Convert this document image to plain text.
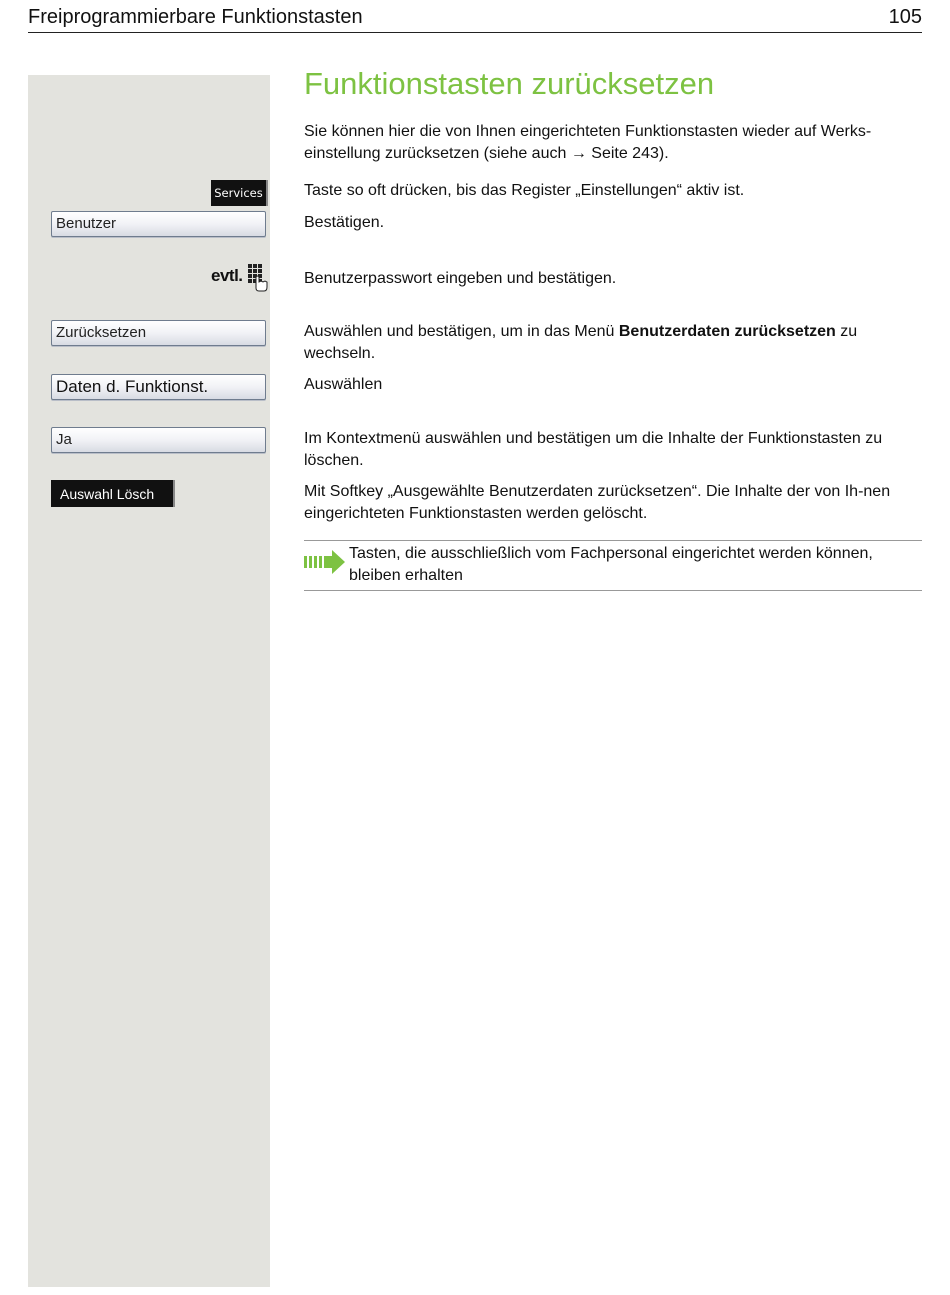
Freiprogrammierbare Funktionstasten	105
Services
Benutzer
evtl.
Zurücksetzen
Daten d. Funktionst.
Ja
Auswahl Lösch
Funktionstasten zurücksetzen
Sie können hier die von Ihnen eingerichteten Funktionstasten wieder auf Werks-einstellung zurücksetzen (siehe auch → Seite 243).
Taste so oft drücken, bis das Register „Einstellungen“ aktiv ist.
Bestätigen.
Benutzerpasswort eingeben und bestätigen.
Auswählen und bestätigen, um in das Menü Benutzerdaten zurücksetzen zu wechseln.
Auswählen
Im Kontextmenü auswählen und bestätigen um die Inhalte der Funktionstasten zu löschen.
Mit Softkey „Ausgewählte Benutzerdaten zurücksetzen“. Die Inhalte der von Ih-nen eingerichteten Funktionstasten werden gelöscht.
Tasten, die ausschließlich vom Fachpersonal eingerichtet werden können, bleiben erhalten
